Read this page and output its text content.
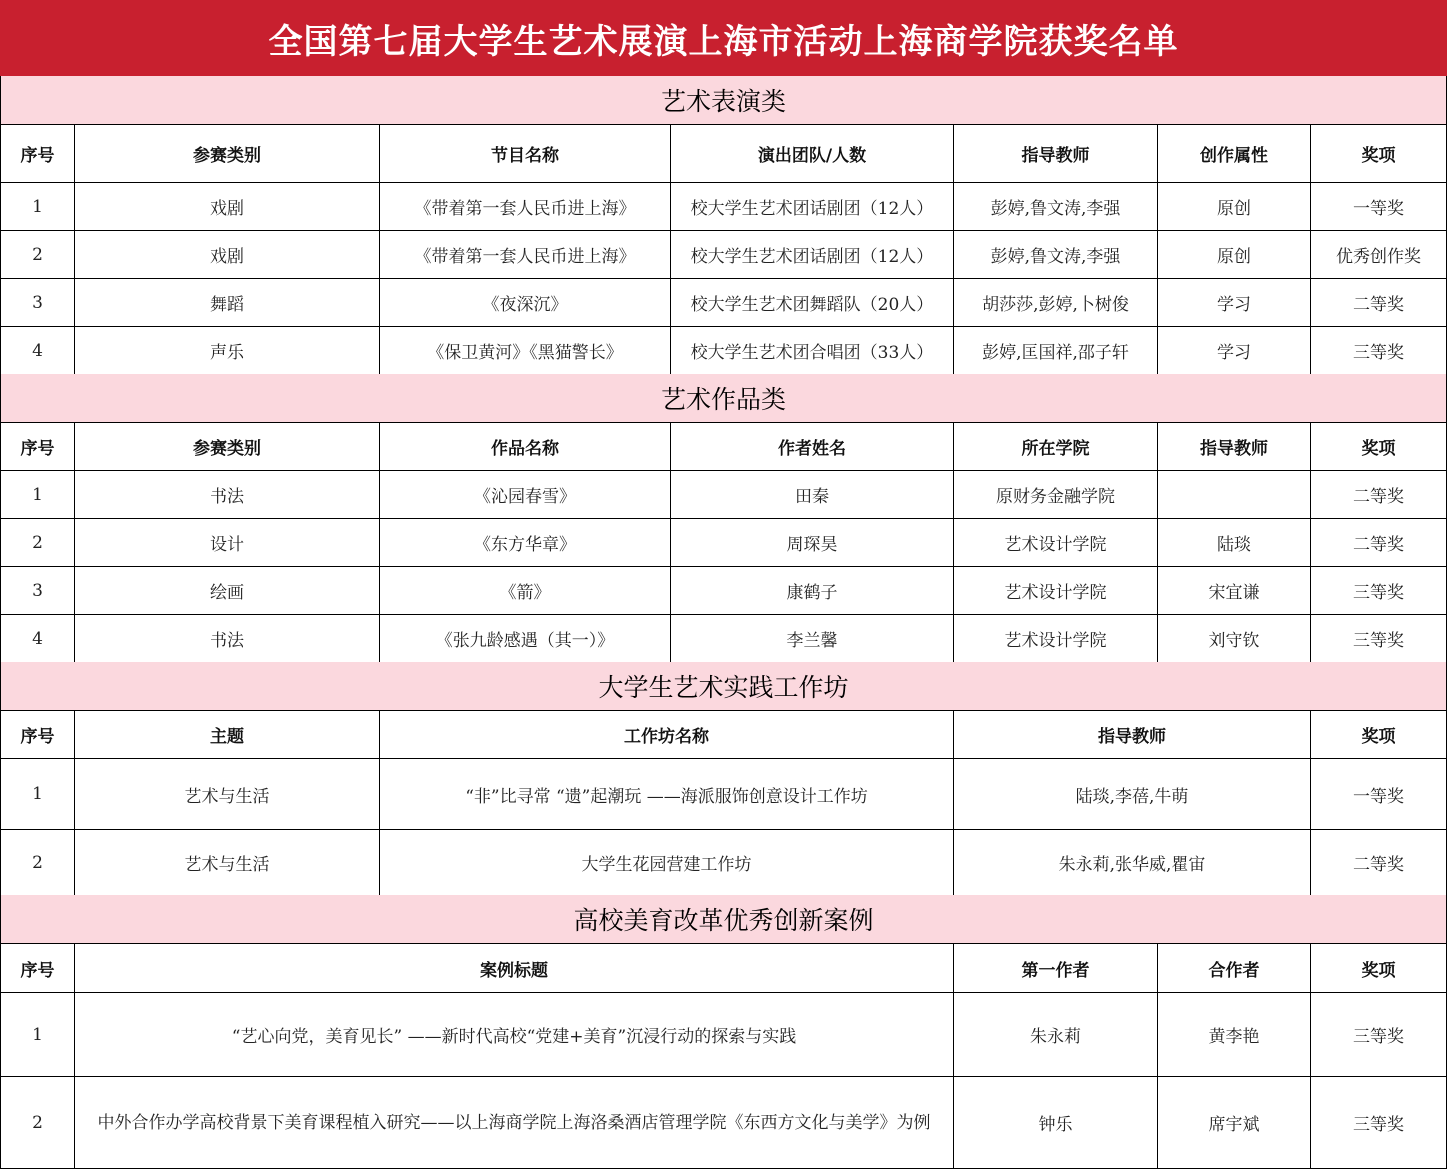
全国第七届大学生艺术展演上海市活动上海商学院获奖名单
艺术表演类
序号	参赛类别	节目名称	演出团队/人数	指导教师	创作属性	奖项
1	戏剧	《带着第一套人民币进上海》	校大学生艺术团话剧团（12人）	彭婷,鲁文涛,李强	原创	一等奖
2	戏剧	《带着第一套人民币进上海》	校大学生艺术团话剧团（12人）	彭婷,鲁文涛,李强	原创	优秀创作奖
3	舞蹈	《夜深沉》	校大学生艺术团舞蹈队（20人）	胡莎莎,彭婷,卜树俊	学习	二等奖
4	声乐	《保卫黄河》《黑猫警长》	校大学生艺术团合唱团（33人）	彭婷,匡国祥,邵子轩	学习	三等奖
艺术作品类
序号	参赛类别	作品名称	作者姓名	所在学院	指导教师	奖项
1	书法	《沁园春雪》	田秦	原财务金融学院		二等奖
2	设计	《东方华章》	周琛昊	艺术设计学院	陆琰	二等奖
3	绘画	《箭》	康鹤子	艺术设计学院	宋宜谦	三等奖
4	书法	《张九龄感遇（其一）》	李兰馨	艺术设计学院	刘守钦	三等奖
大学生艺术实践工作坊
序号	主题	工作坊名称	指导教师	奖项
1	艺术与生活	“非”比寻常 “遗”起潮玩 ——海派服饰创意设计工作坊	陆琰,李蓓,牛萌	一等奖
2	艺术与生活	大学生花园营建工作坊	朱永莉,张华威,瞿宙	二等奖
高校美育改革优秀创新案例
序号	案例标题	第一作者	合作者	奖项
1	“艺心向党，美育见长” ——新时代高校“党建+美育”沉浸行动的探索与实践	朱永莉	黄李艳	三等奖
2	中外合作办学高校背景下美育课程植入研究——以上海商学院上海洛桑酒店管理学院《东西方文化与美学》为例	钟乐	席宇斌	三等奖
